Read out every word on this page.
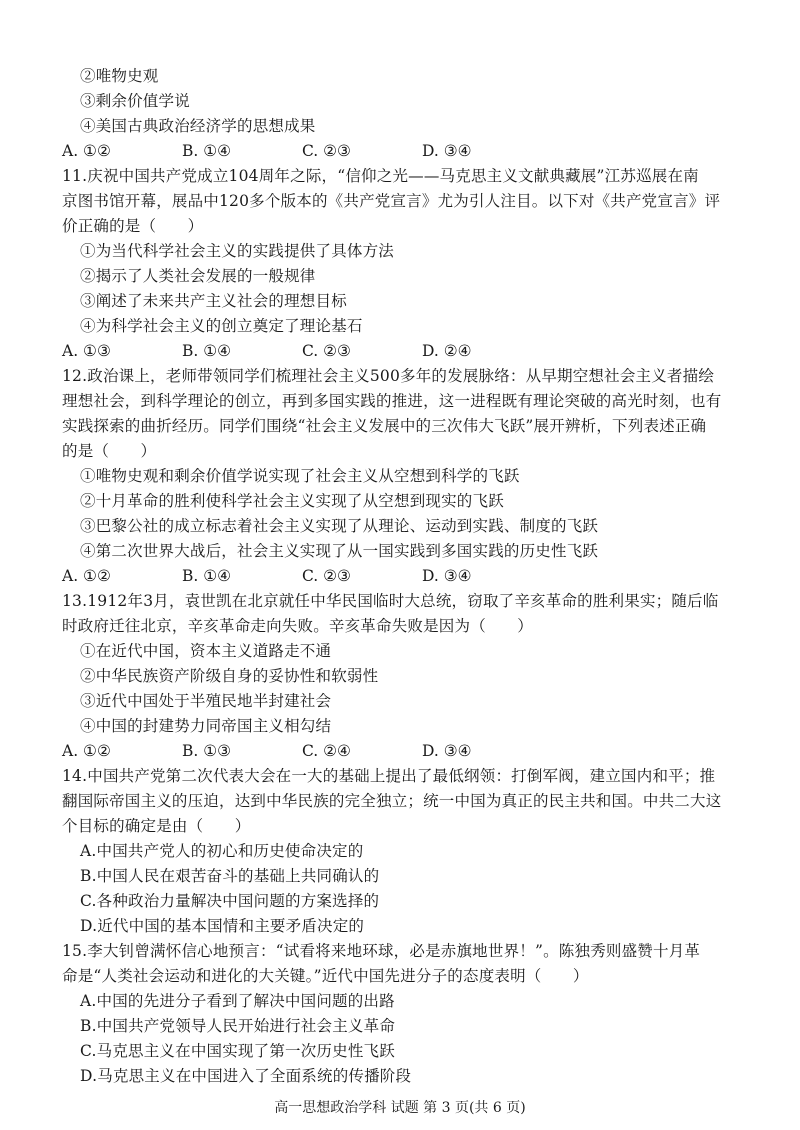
②唯物史观
③剩余价值学说
④美国古典政治经济学的思想成果
A. ①②	B. ①④	C. ②③	D. ③④
11.庆祝中国共产党成立104周年之际，“信仰之光——马克思主义文献典藏展”江苏巡展在南
京图书馆开幕，展品中120多个版本的《共产党宣言》尤为引人注目。以下对《共产党宣言》评
价正确的是（　　）
①为当代科学社会主义的实践提供了具体方法
②揭示了人类社会发展的一般规律
③阐述了未来共产主义社会的理想目标
④为科学社会主义的创立奠定了理论基石
A. ①③	B. ①④	C. ②③	D. ②④
12.政治课上，老师带领同学们梳理社会主义500多年的发展脉络：从早期空想社会主义者描绘
理想社会，到科学理论的创立，再到多国实践的推进，这一进程既有理论突破的高光时刻，也有
实践探索的曲折经历。同学们围绕“社会主义发展中的三次伟大飞跃”展开辨析，下列表述正确
的是（　　）
①唯物史观和剩余价值学说实现了社会主义从空想到科学的飞跃
②十月革命的胜利使科学社会主义实现了从空想到现实的飞跃
③巴黎公社的成立标志着社会主义实现了从理论、运动到实践、制度的飞跃
④第二次世界大战后，社会主义实现了从一国实践到多国实践的历史性飞跃
A. ①②	B. ①④	C. ②③	D. ③④
13.1912年3月，袁世凯在北京就任中华民国临时大总统，窃取了辛亥革命的胜利果实；随后临
时政府迁往北京，辛亥革命走向失败。辛亥革命失败是因为（　　）
①在近代中国，资本主义道路走不通
②中华民族资产阶级自身的妥协性和软弱性
③近代中国处于半殖民地半封建社会
④中国的封建势力同帝国主义相勾结
A. ①②	B. ①③	C. ②④	D. ③④
14.中国共产党第二次代表大会在一大的基础上提出了最低纲领：打倒军阀，建立国内和平；推
翻国际帝国主义的压迫，达到中华民族的完全独立；统一中国为真正的民主共和国。中共二大这
个目标的确定是由（　　）
A.中国共产党人的初心和历史使命决定的
B.中国人民在艰苦奋斗的基础上共同确认的
C.各种政治力量解决中国问题的方案选择的
D.近代中国的基本国情和主要矛盾决定的
15.李大钊曾满怀信心地预言：“试看将来地环球，必是赤旗地世界！”。陈独秀则盛赞十月革
命是“人类社会运动和进化的大关键。”近代中国先进分子的态度表明（　　）
A.中国的先进分子看到了解决中国问题的出路
B.中国共产党领导人民开始进行社会主义革命
C.马克思主义在中国实现了第一次历史性飞跃
D.马克思主义在中国进入了全面系统的传播阶段
高一思想政治学科 试题 第 3 页(共 6 页)
